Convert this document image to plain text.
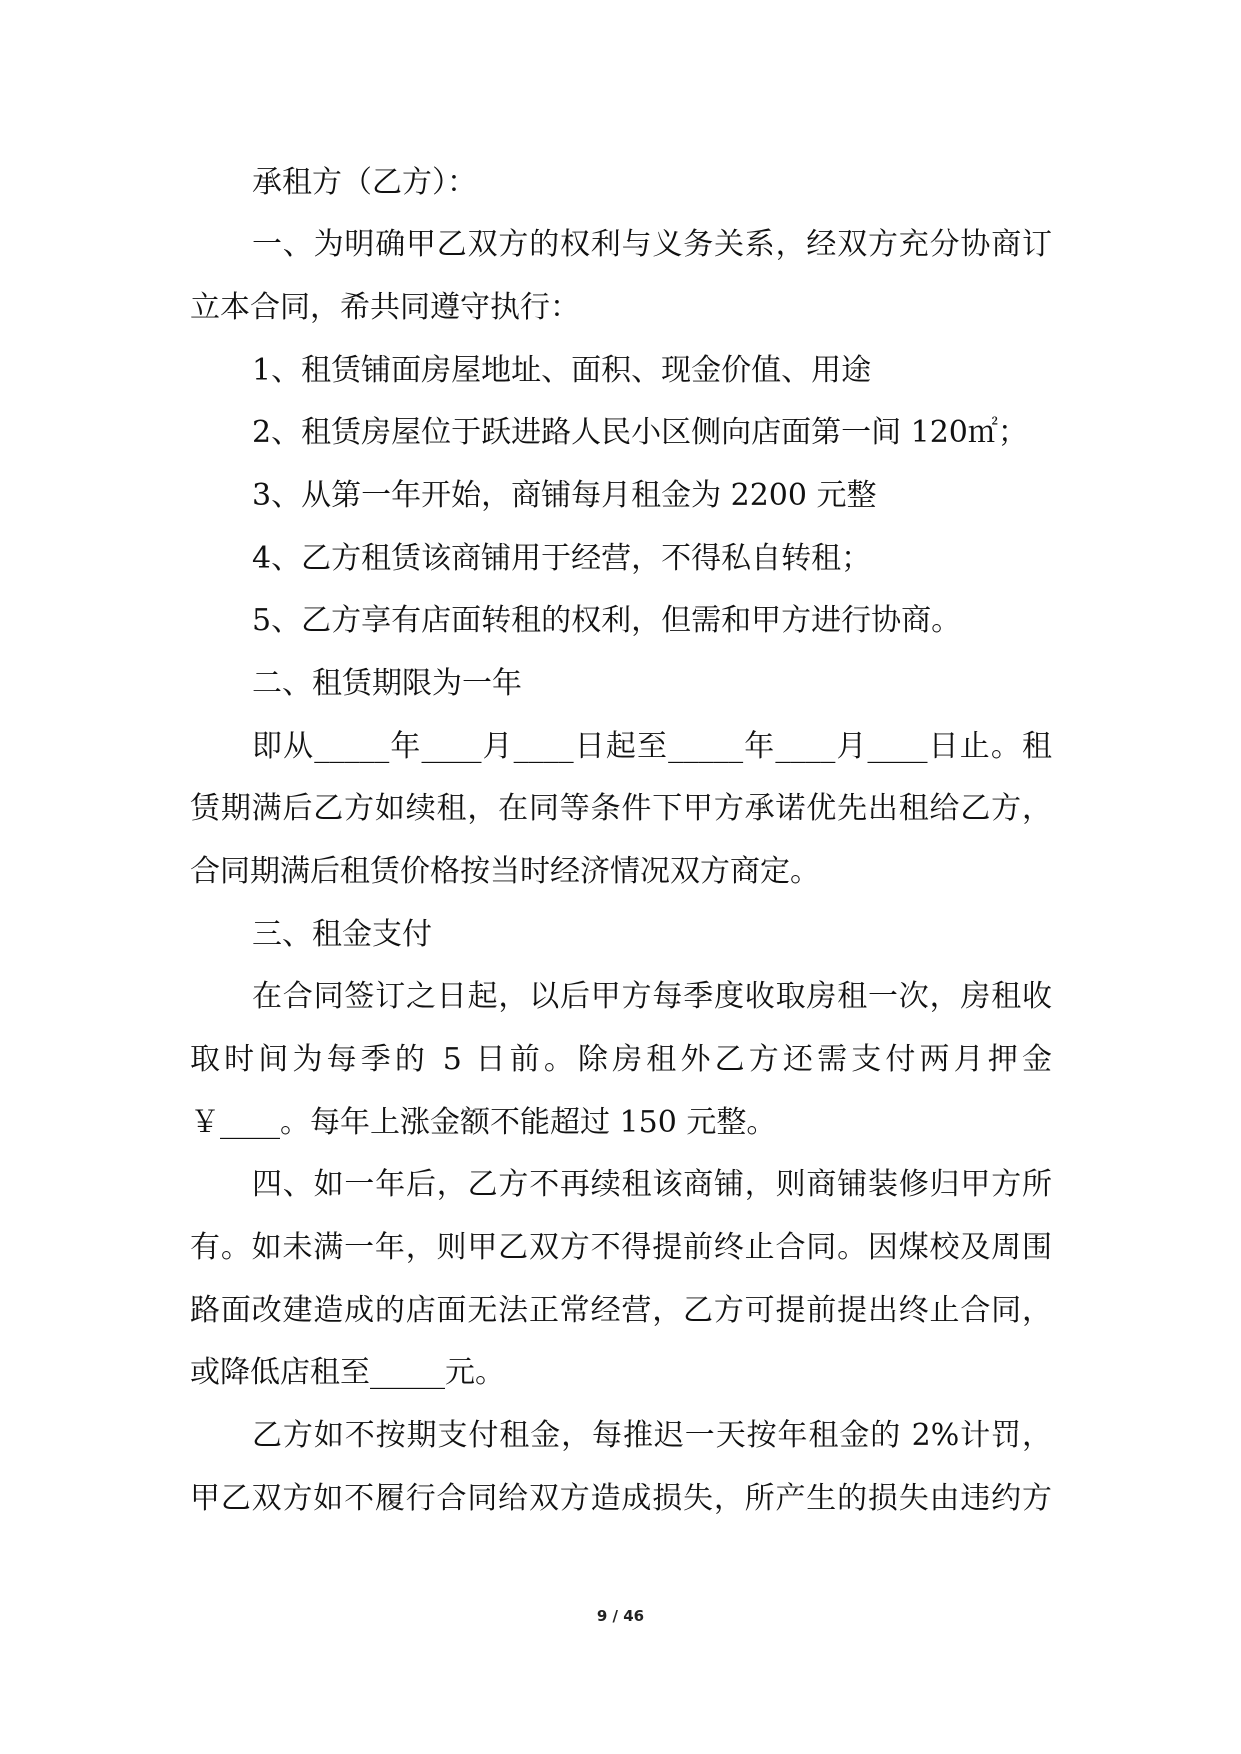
承租方（乙方）：

一、为明确甲乙双方的权利与义务关系，经双方充分协商订

立本合同，希共同遵守执行：

1、租赁铺面房屋地址、面积、现金价值、用途

2、租赁房屋位于跃进路人民小区侧向店面第一间 120㎡；

3、从第一年开始，商铺每月租金为 2200 元整

4、乙方租赁该商铺用于经营，不得私自转租；

5、乙方享有店面转租的权利，但需和甲方进行协商。

二、租赁期限为一年

即从_____年____月____日起至_____年____月____日止。租

赁期满后乙方如续租，在同等条件下甲方承诺优先出租给乙方，

合同期满后租赁价格按当时经济情况双方商定。

三、租金支付

在合同签订之日起，以后甲方每季度收取房租一次，房租收

取时间为每季的 5 日前。除房租外乙方还需支付两月押金

￥____。每年上涨金额不能超过 150 元整。

四、如一年后，乙方不再续租该商铺，则商铺装修归甲方所

有。如未满一年，则甲乙双方不得提前终止合同。因煤校及周围

路面改建造成的店面无法正常经营，乙方可提前提出终止合同，

或降低店租至_____元。

乙方如不按期支付租金，每推迟一天按年租金的 2%计罚，

甲乙双方如不履行合同给双方造成损失，所产生的损失由违约方

9 / 46
